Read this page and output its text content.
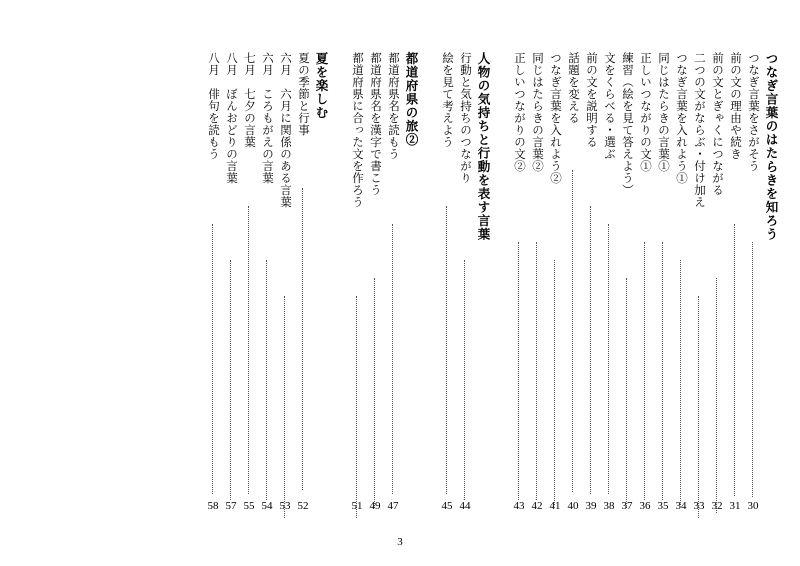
つなぎ言葉のはたらきを知ろう
つなぎ言葉をさがそう
30
前の文の理由や続き
31
前の文とぎゃくにつながる
32
二つの文がならぶ・付け加え
33
つなぎ言葉を入れよう①
34
同じはたらきの言葉①
35
正しいつながりの文①
36
練習（絵を見て答えよう）
37
文をくらべる・選ぶ
38
前の文を説明する
39
話題を変える
40
つなぎ言葉を入れよう②
41
同じはたらきの言葉②
42
正しいつながりの文②
43
人物の気持ちと行動を表す言葉
行動と気持ちのつながり
44
絵を見て考えよう
45
都道府県の旅②
都道府県名を読もう
47
都道府県名を漢字で書こう
49
都道府県に合った文を作ろう
51
夏を楽しむ
夏の季節と行事
52
六月　六月に関係のある言葉
53
六月　ころもがえの言葉
54
七月　七夕の言葉
55
八月　ぼんおどりの言葉
57
八月　俳句を読もう
58
3
